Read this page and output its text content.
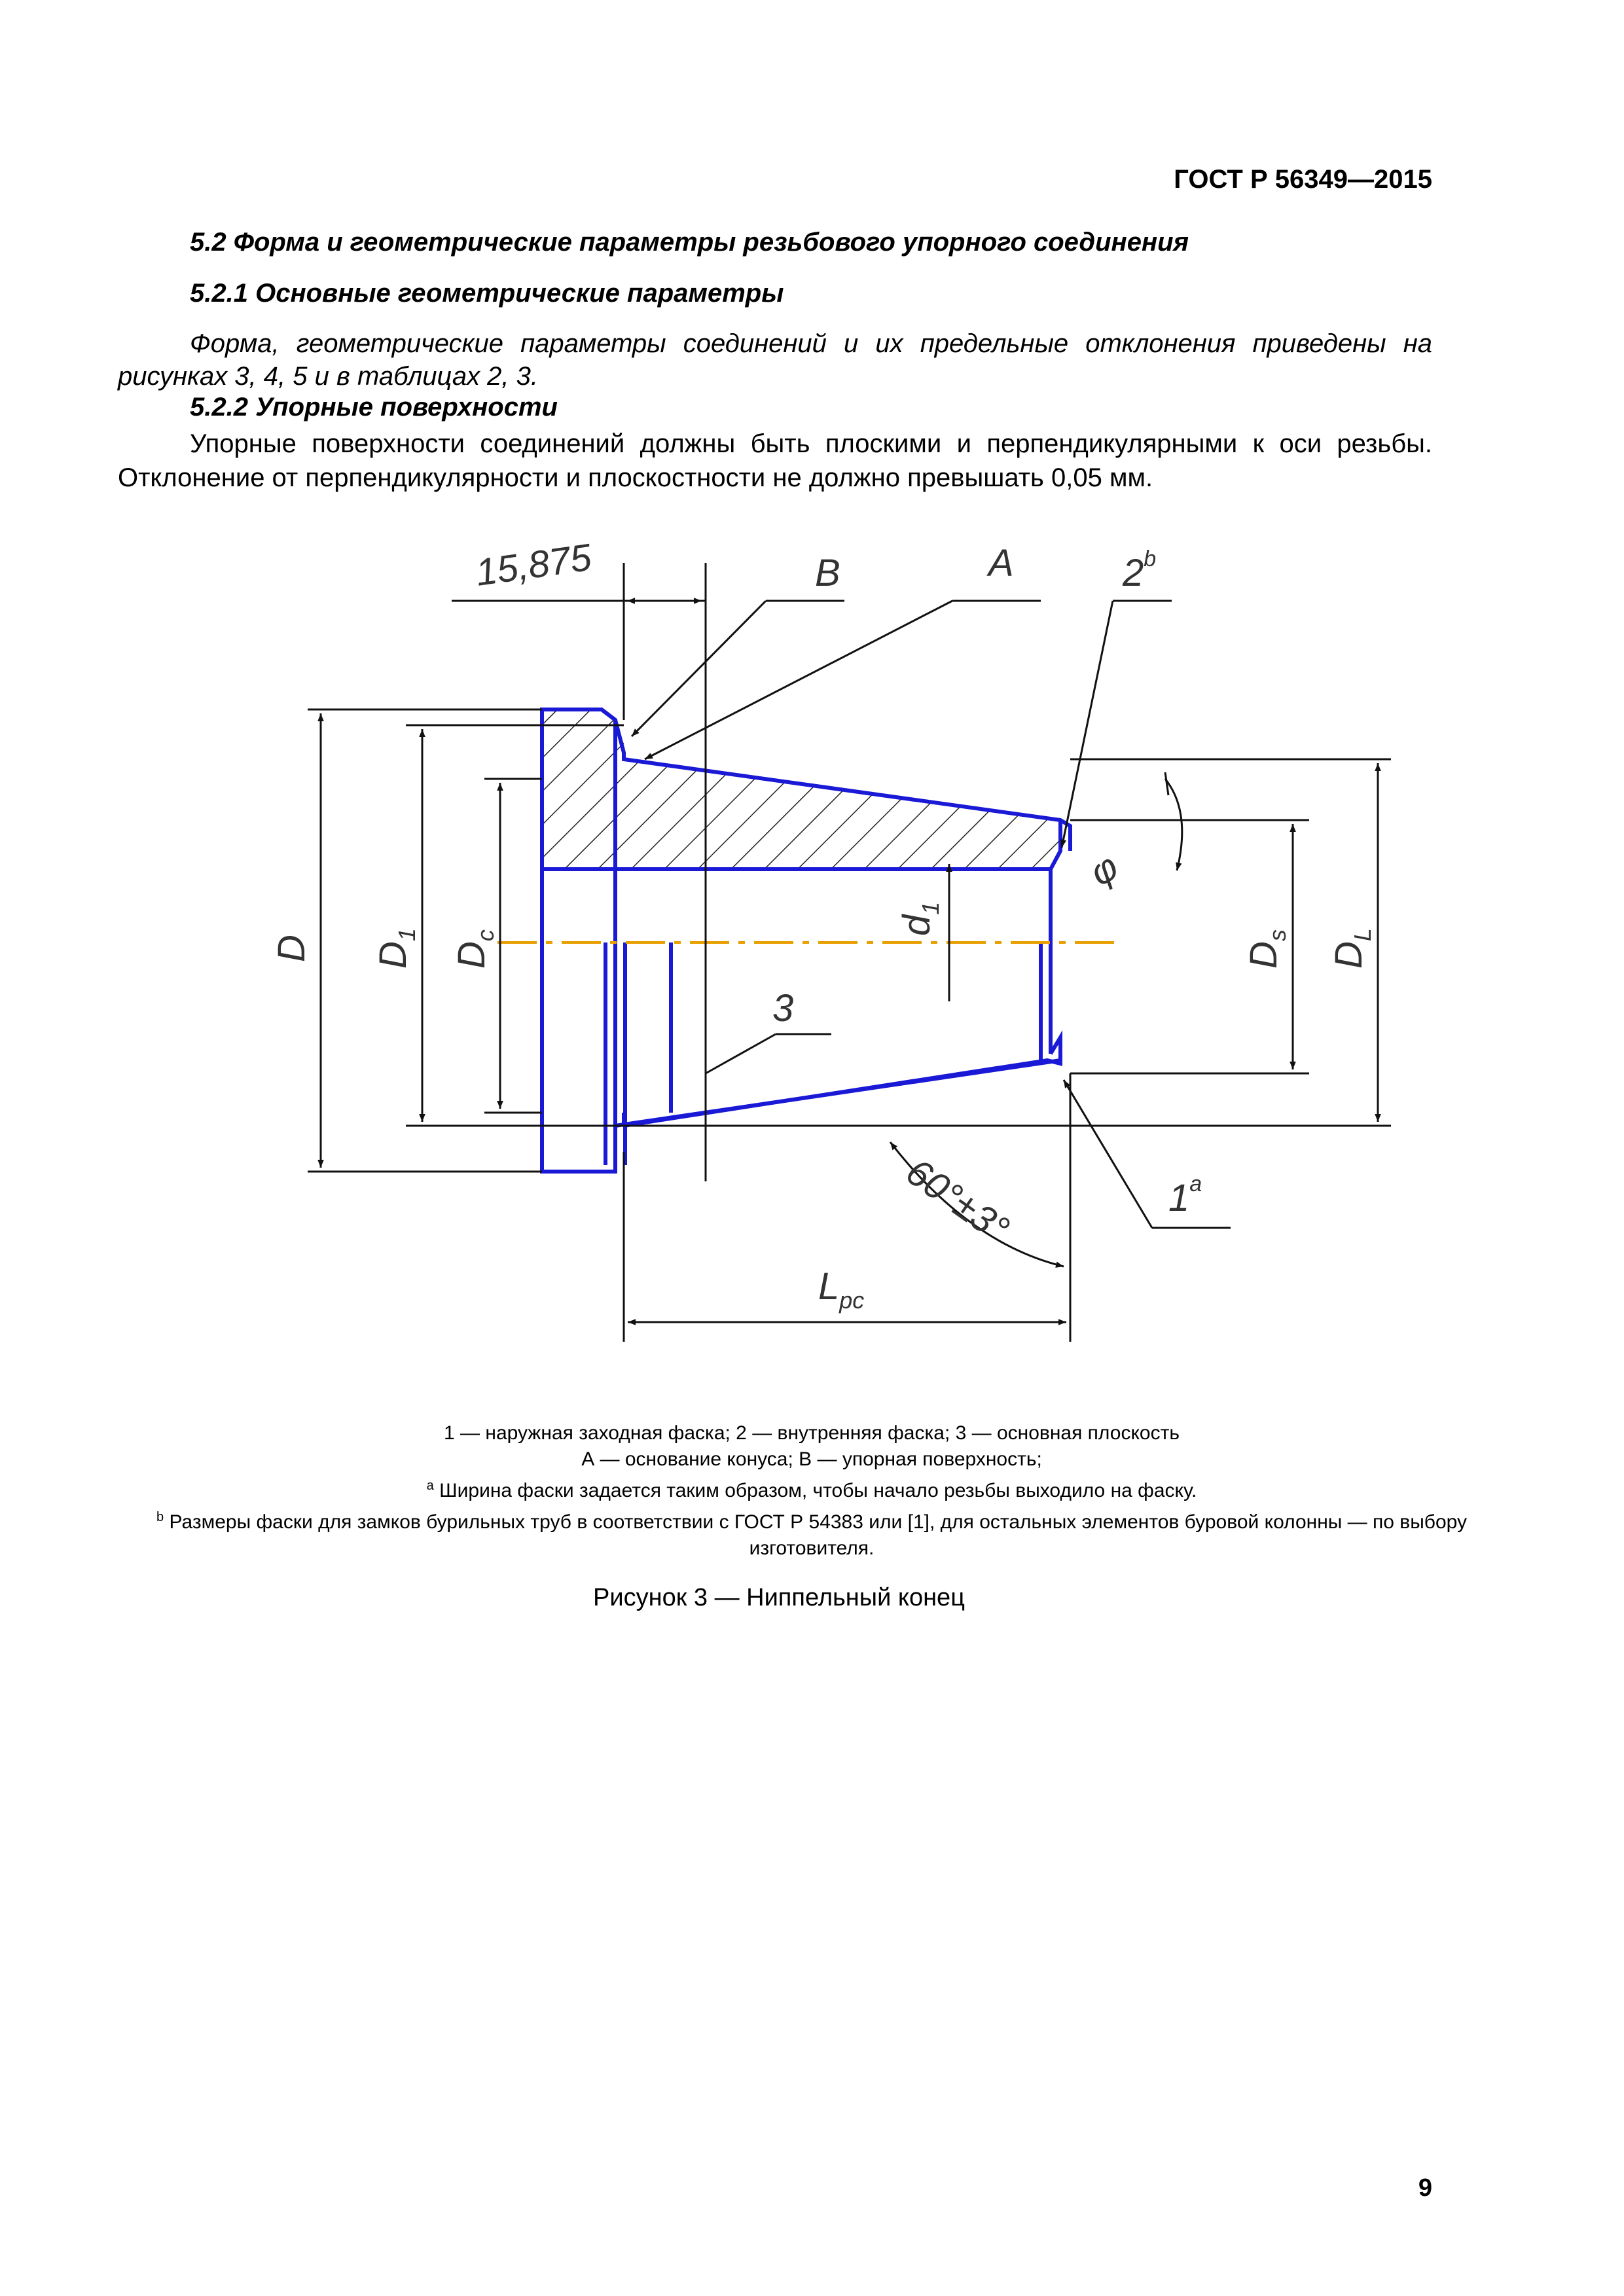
ГОСТ Р 56349—2015
5.2 Форма и геометрические параметры резьбового упорного соединения
5.2.1 Основные геометрические параметры
Форма, геометрические параметры соединений и их предельные отклонения приведены на рисунках 3, 4, 5 и в таблицах 2, 3.
5.2.2 Упорные поверхности
Упорные поверхности соединений должны быть плоскими и перпендикулярными к оси резьбы. Отклонение от перпендикулярности и плоскостности не должно превышать 0,05 мм.
15,875	B	A	2$^b$
D $D_1$
$D_c$	$d_1$
3
φ
$D_s$
$D_L$
60°±3°	1$^a$
$L_{pc}$
1 — наружная заходная фаска; 2 — внутренняя фаска; 3 — основная плоскость
А — основание конуса; В — упорная поверхность;
$^a$ Ширина фаски задается таким образом, чтобы начало резьбы выходило на фаску.
$^b$ Размеры фаски для замков бурильных труб в соответствии с ГОСТ Р 54383 или [1], для остальных элементов буровой колонны — по выбору изготовителя.
Рисунок 3 — Ниппельный конец
9
